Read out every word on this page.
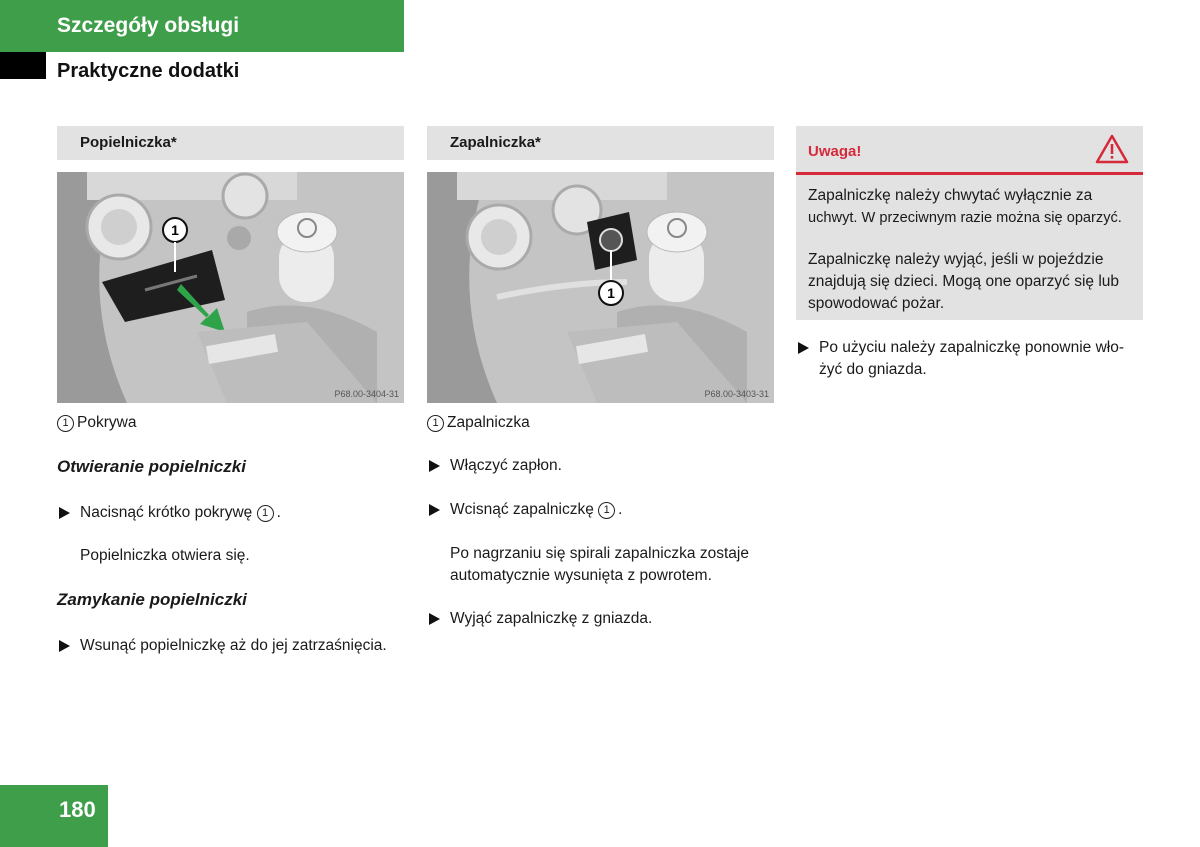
Szczegóły obsługi
Praktyczne dodatki
Popielniczka*
1
P68.00-3404-31
1 Pokrywa
Otwieranie popielniczki
Nacisnąć krótko pokrywę 1 .
Popielniczka otwiera się.
Zamykanie popielniczki
Wsunąć popielniczkę aż do jej zatrzaśnięcia.
Zapalniczka*
1
P68.00-3403-31
1 Zapalniczka
Włączyć zapłon.
Wcisnąć zapalniczkę 1 .
Po nagrzaniu się spirali zapalniczka zostaje
automatycznie wysunięta z powrotem.
Wyjąć zapalniczkę z gniazda.
Uwaga!
Zapalniczkę należy chwytać wyłącznie za
uchwyt. W przeciwnym razie można się oparzyć.
Zapalniczkę należy wyjąć, jeśli w pojeździe
znajdują się dzieci. Mogą one oparzyć się lub
spowodować pożar.
Po użyciu należy zapalniczkę ponownie wło-
żyć do gniazda.
180
